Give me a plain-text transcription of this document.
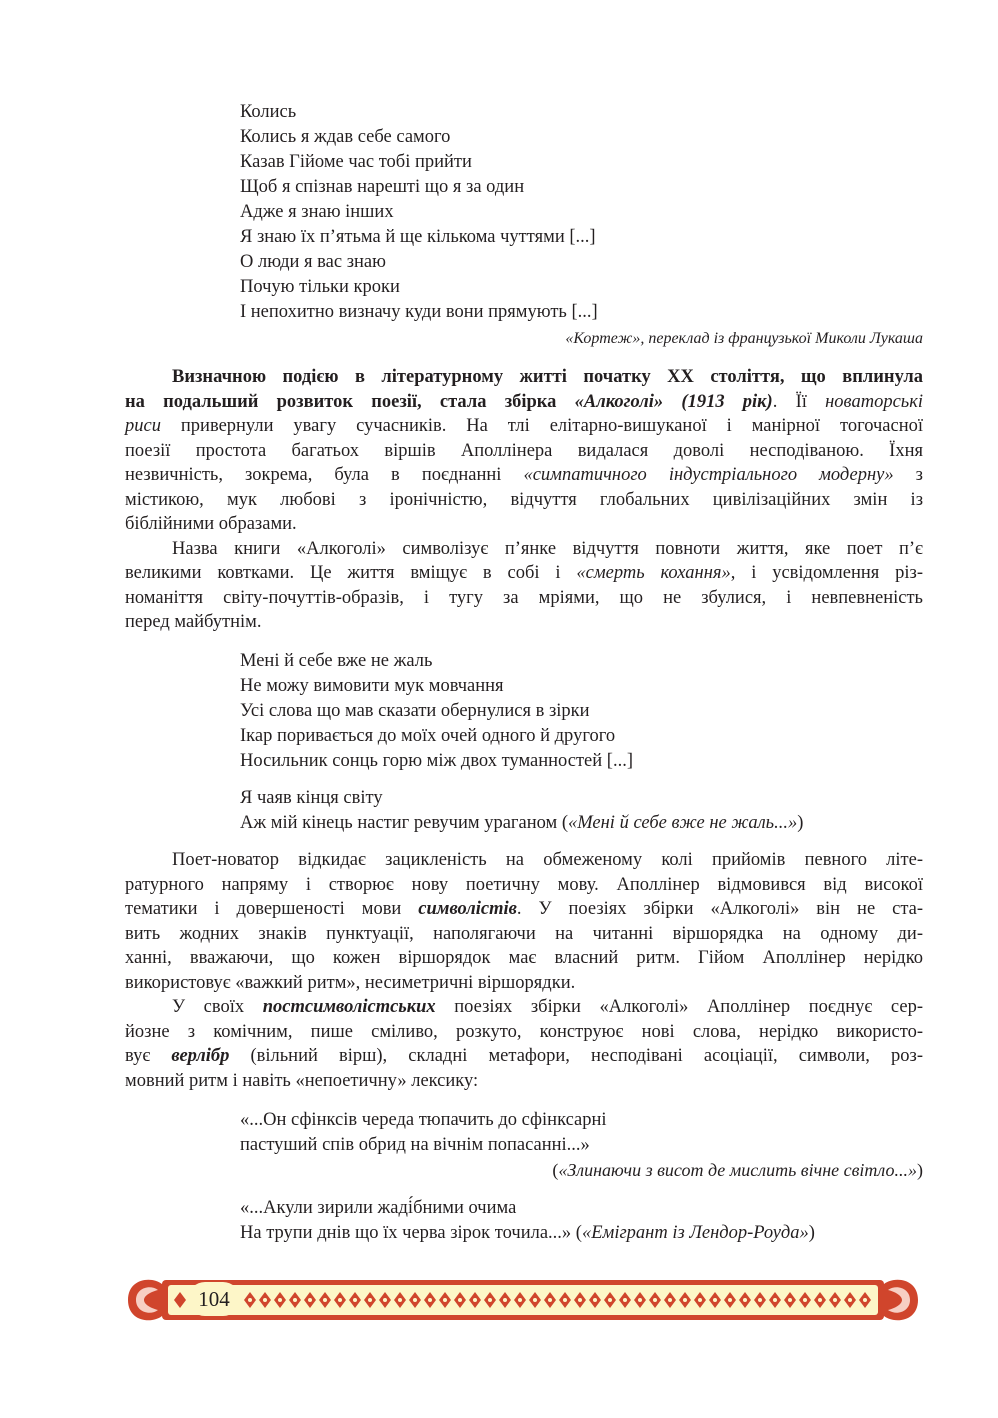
Колись
Колись я ждав себе самого
Казав Гійоме час тобі прийти
Щоб я спізнав нарешті що я за один
Адже я знаю інших
Я знаю їх п’ятьма й ще кількома чуттями [...]
О люди я вас знаю
Почую тільки кроки
І непохитно визначу куди вони прямують [...]
«Кортеж», переклад із французької Миколи Лукаша
Визначною подією в літературному житті початку XX століття, що вплинула
на подальший розвиток поезії, стала збірка «Алкоголі» (1913 рік). Її новаторські
риси привернули увагу сучасників. На тлі елітарно-вишуканої і манірної тогочасної
поезії простота багатьох віршів Аполлінера видалася доволі несподіваною. Їхня
незвичність, зокрема, була в поєднанні «симпатичного індустріального модерну» з
містикою, мук любові з іронічністю, відчуття глобальних цивілізаційних змін із
біблійними образами.
Назва книги «Алкоголі» символізує п’янке відчуття повноти життя, яке поет п’є
великими ковтками. Це життя вміщує в собі і «смерть кохання», і усвідомлення різ-
номаніття світу-почуттів-образів, і тугу за мріями, що не збулися, і невпевненість
перед майбутнім.
Мені й себе вже не жаль
Не можу вимовити мук мовчання
Усі слова що мав сказати обернулися в зірки
Ікар поривається до моїх очей одного й другого
Носильник сонць горю між двох туманностей [...]
Я чаяв кінця світу
Аж мій кінець настиг ревучим ураганом («Мені й себе вже не жаль...»)
Поет-новатор відкидає зацикленість на обмеженому колі прийомів певного літе-
ратурного напряму і створює нову поетичну мову. Аполлінер відмовився від високої
тематики і довершеності мови символістів. У поезіях збірки «Алкоголі» він не ста-
вить жодних знаків пунктуації, наполягаючи на читанні віршорядка на одному ди-
ханні, вважаючи, що кожен віршорядок має власний ритм. Гійом Аполлінер нерідко
використовує «важкий ритм», несиметричні віршорядки.
У своїх постсимволістських поезіях збірки «Алкоголі» Аполлінер поєднує сер-
йозне з комічним, пише сміливо, розкуто, конструює нові слова, нерідко використо-
вує верлібр (вільний вірш), складні метафори, несподівані асоціації, символи, роз-
мовний ритм і навіть «непоетичну» лексику:
«...Он сфінксів череда тюпачить до сфінксарні
пастуший спів обрид на вічнім попасанні...»
(«Злинаючи з висот де мислить вічне світло...»)
«...Акули зирили жаді́бними очима
На трупи днів що їх черва зірок точила...» («Емігрант із Лендор-Роуда»)
104
